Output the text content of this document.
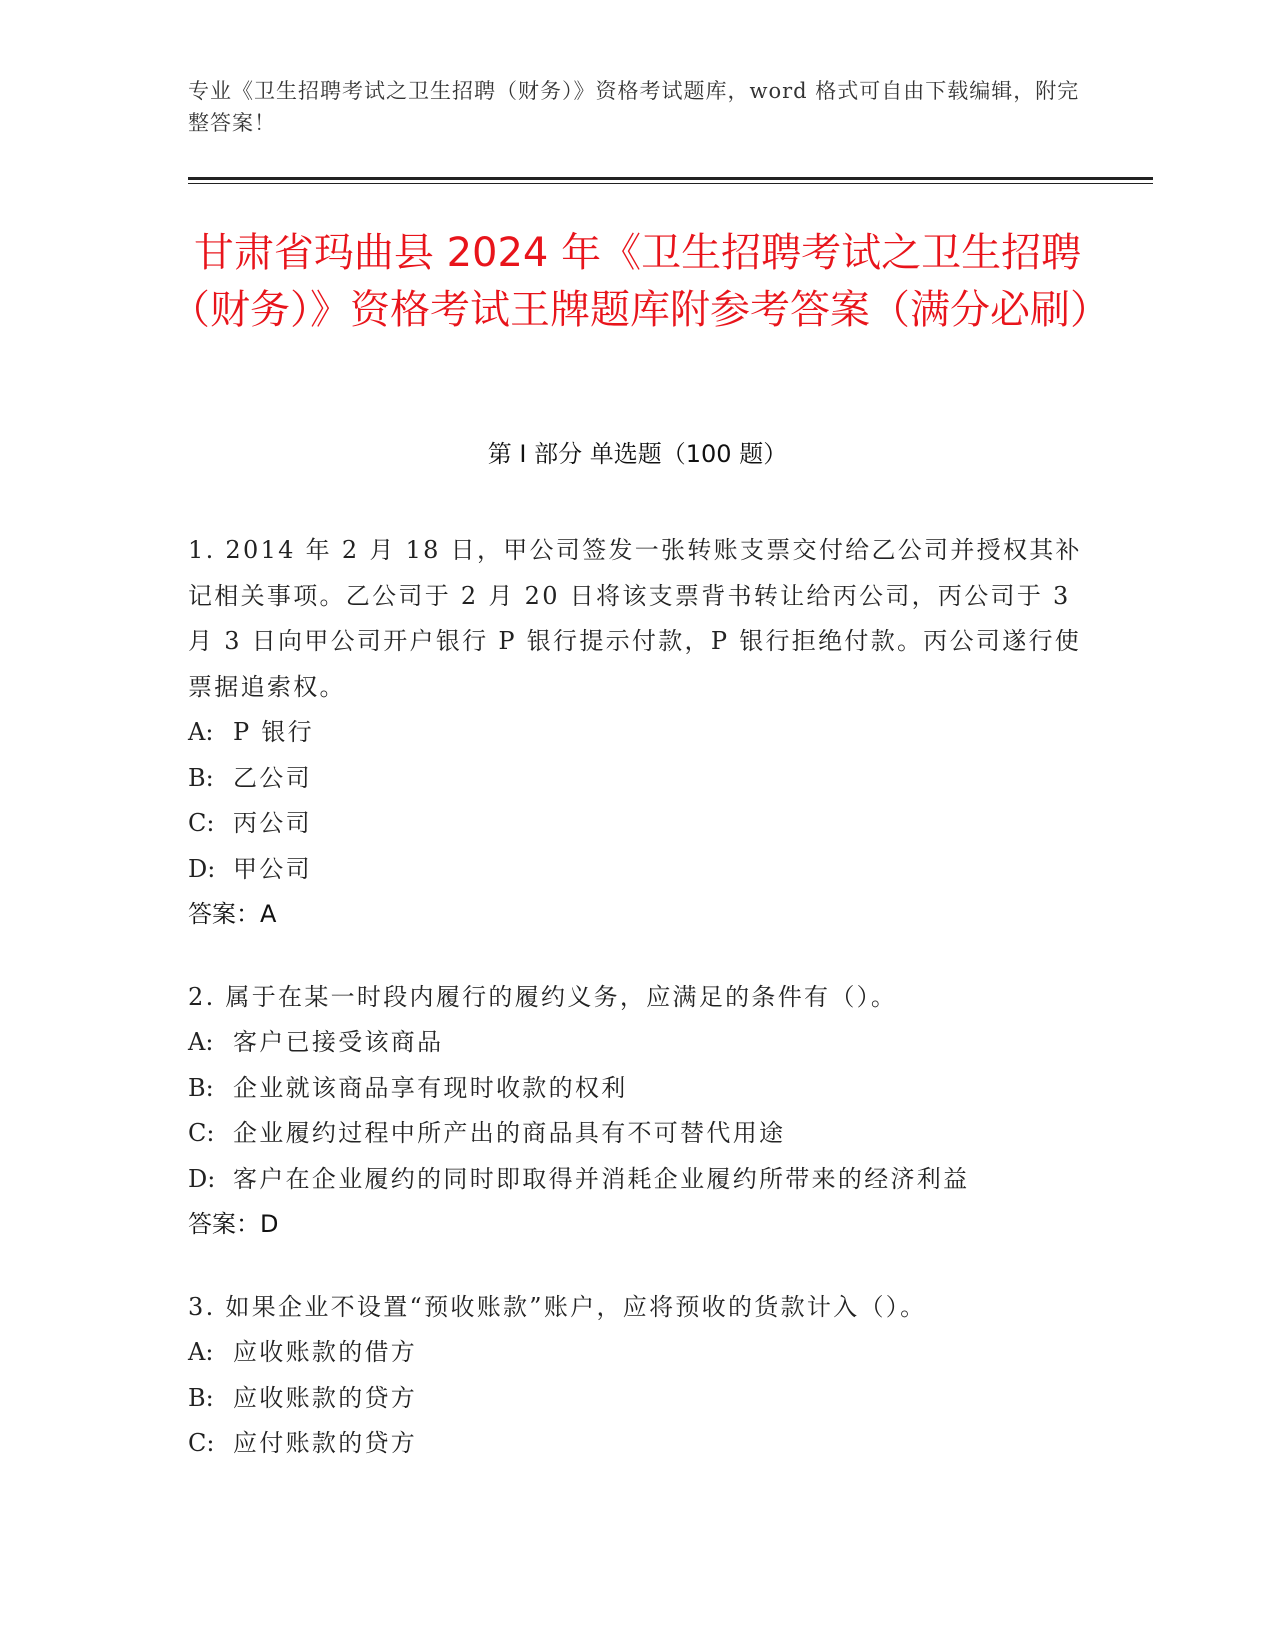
专业《卫生招聘考试之卫生招聘（财务）》资格考试题库，word 格式可自由下载编辑，附完整答案！
甘肃省玛曲县 2024 年《卫生招聘考试之卫生招聘（财务）》资格考试王牌题库附参考答案（满分必刷）
第 I 部分 单选题（100 题）
1. 2014 年 2 月 18 日，甲公司签发一张转账支票交付给乙公司并授权其补记相关事项。乙公司于 2 月 20 日将该支票背书转让给丙公司，丙公司于 3 月 3 日向甲公司开户银行 P 银行提示付款，P 银行拒绝付款。丙公司遂行使票据追索权。
A: P 银行
B: 乙公司
C: 丙公司
D: 甲公司
答案：A
2. 属于在某一时段内履行的履约义务，应满足的条件有（）。
A: 客户已接受该商品
B: 企业就该商品享有现时收款的权利
C: 企业履约过程中所产出的商品具有不可替代用途
D: 客户在企业履约的同时即取得并消耗企业履约所带来的经济利益
答案：D
3. 如果企业不设置“预收账款”账户，应将预收的货款计入（）。
A: 应收账款的借方
B: 应收账款的贷方
C: 应付账款的贷方
